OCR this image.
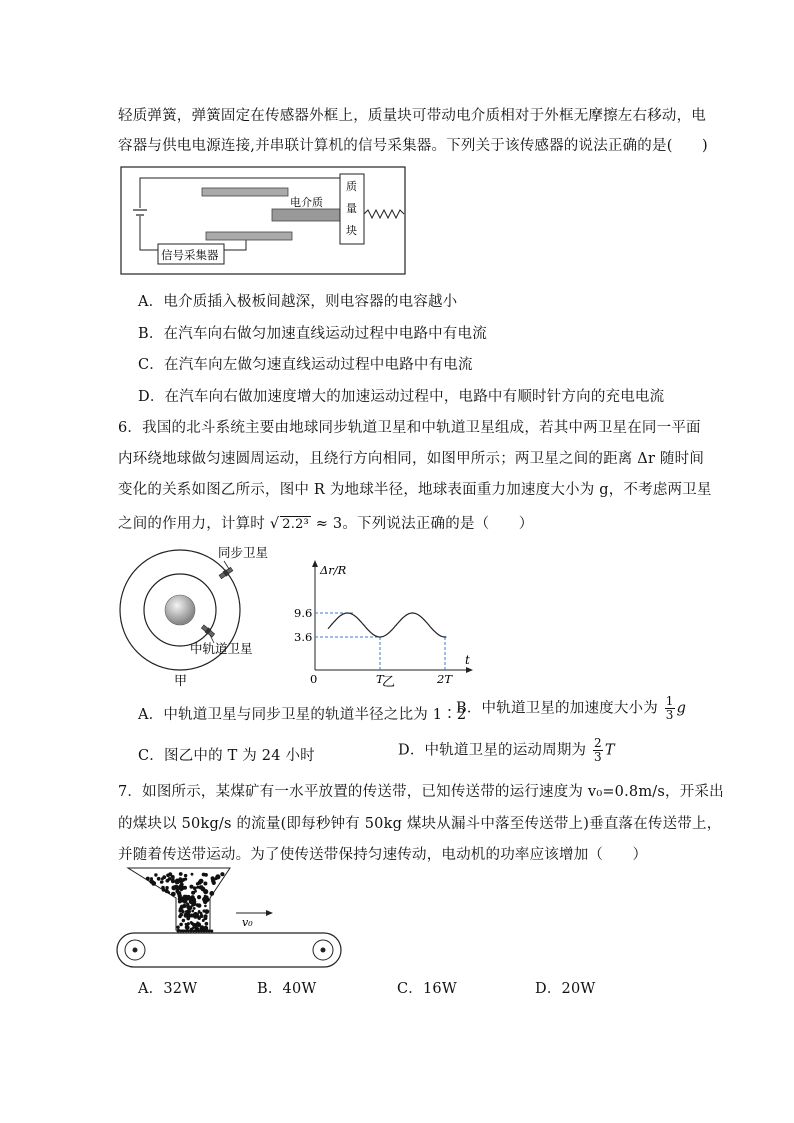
轻质弹簧，弹簧固定在传感器外框上，质量块可带动电介质相对于外框无摩擦左右移动，电
容器与供电电源连接,并串联计算机的信号采集器。下列关于该传感器的说法正确的是(　　)
电介质
质
量
块
信号采集器
A．电介质插入极板间越深，则电容器的电容越小
B．在汽车向右做匀加速直线运动过程中电路中有电流
C．在汽车向左做匀速直线运动过程中电路中有电流
D．在汽车向右做加速度增大的加速运动过程中，电路中有顺时针方向的充电电流
6．我国的北斗系统主要由地球同步轨道卫星和中轨道卫星组成，若其中两卫星在同一平面
内环绕地球做匀速圆周运动，且绕行方向相同，如图甲所示；两卫星之间的距离 Δr 随时间
变化的关系如图乙所示，图中 R 为地球半径，地球表面重力加速度大小为 g，不考虑两卫星
之间的作用力，计算时 √ 2.2³ ≈ 3。下列说法正确的是（　　）
同步卫星
中轨道卫星
甲
Δr/R
t
9.6
3.6
0	T	2T
乙
A．中轨道卫星与同步卫星的轨道半径之比为 1∶2
B．中轨道卫星的加速度大小为 $\frac{1}{3}$ g
C．图乙中的 T 为 24 小时	D．中轨道卫星的运动周期为 $\frac{2}{3}$ T
7．如图所示，某煤矿有一水平放置的传送带，已知传送带的运行速度为 v₀=0.8m/s，开采出
的煤块以 50kg/s 的流量(即每秒钟有 50kg 煤块从漏斗中落至传送带上)垂直落在传送带上，
并随着传送带运动。为了使传送带保持匀速传动，电动机的功率应该增加（　　）
v₀
A．32W	B．40W	C．16W	D．20W
